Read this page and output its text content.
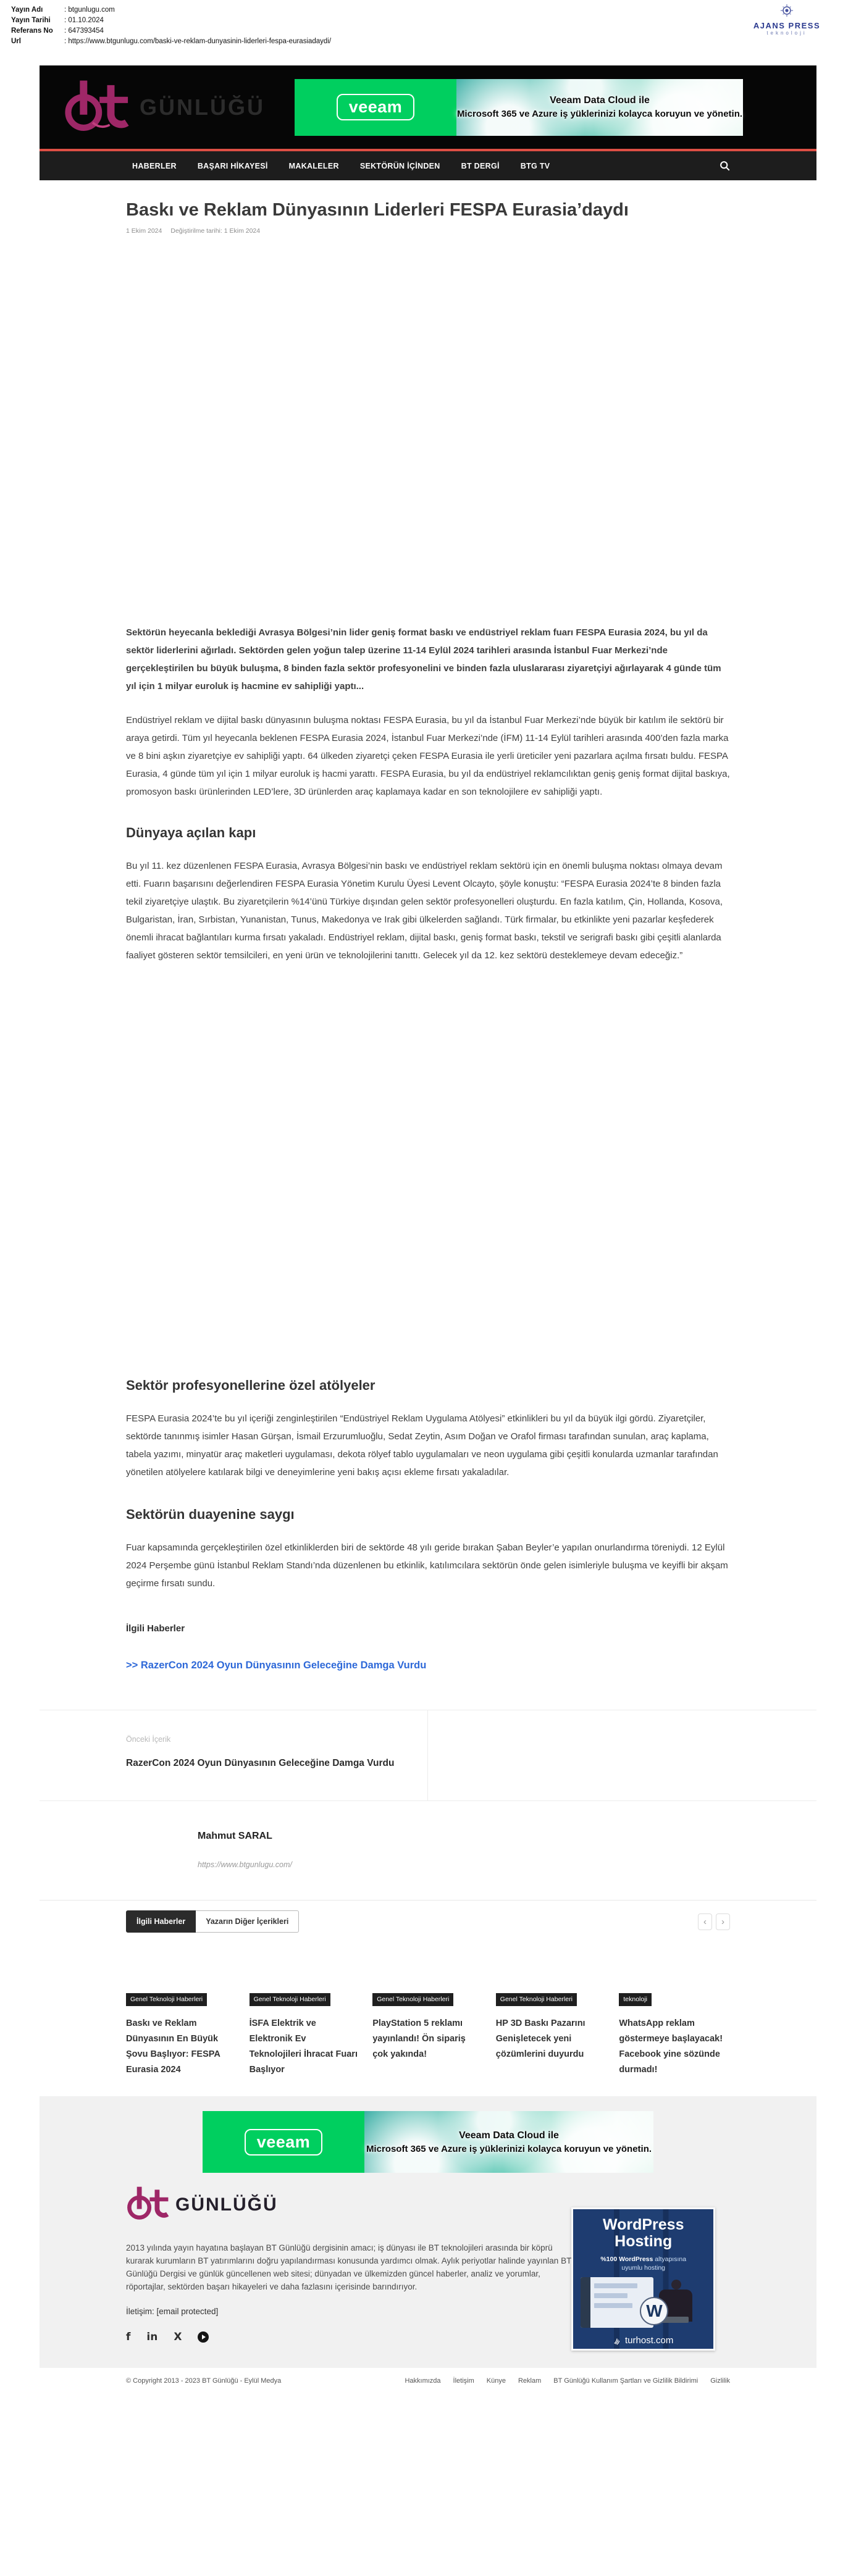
Yayın Adı	: btgunlugu.com
Yayın Tarihi	: 01.10.2024
Referans No	: 647393454
Url	: https://www.btgunlugu.com/baski-ve-reklam-dunyasinin-liderleri-fespa-eurasiadaydi/
AJANS PRESS
teknoloji
GÜNLÜĞÜ	veeam	Veeam Data Cloud ile
Microsoft 365 ve Azure iş yüklerinizi kolayca koruyun ve yönetin.
HABERLER	BAŞARI HİKAYESİ	MAKALELER	SEKTÖRÜN İÇİNDEN	BT DERGİ	BTG TV
Baskı ve Reklam Dünyasının Liderleri FESPA Eurasia’daydı
1 Ekim 2024 Değiştirilme tarihi: 1 Ekim 2024

Sektörün heyecanla beklediği Avrasya Bölgesi’nin lider geniş format baskı ve endüstriyel reklam fuarı FESPA Eurasia 2024, bu yıl da sektör liderlerini ağırladı. Sektörden gelen yoğun talep üzerine 11-14 Eylül 2024 tarihleri arasında İstanbul Fuar Merkezi’nde gerçekleştirilen bu büyük buluşma, 8 binden fazla sektör profesyonelini ve binden fazla uluslararası ziyaretçiyi ağırlayarak 4 günde tüm yıl için 1 milyar euroluk iş hacmine ev sahipliği yaptı...

Endüstriyel reklam ve dijital baskı dünyasının buluşma noktası FESPA Eurasia, bu yıl da İstanbul Fuar Merkezi’nde büyük bir katılım ile sektörü bir araya getirdi. Tüm yıl heyecanla beklenen FESPA Eurasia 2024, İstanbul Fuar Merkezi’nde (İFM) 11-14 Eylül tarihleri arasında 400’den fazla marka ve 8 bini aşkın ziyaretçiye ev sahipliği yaptı. 64 ülkeden ziyaretçi çeken FESPA Eurasia ile yerli üreticiler yeni pazarlara açılma fırsatı buldu. FESPA Eurasia, 4 günde tüm yıl için 1 milyar euroluk iş hacmi yarattı. FESPA Eurasia, bu yıl da endüstriyel reklamcılıktan geniş geniş format dijital baskıya, promosyon baskı ürünlerinden LED’lere, 3D ürünlerden araç kaplamaya kadar en son teknolojilere ev sahipliği yaptı.

Dünyaya açılan kapı

Bu yıl 11. kez düzenlenen FESPA Eurasia, Avrasya Bölgesi’nin baskı ve endüstriyel reklam sektörü için en önemli buluşma noktası olmaya devam etti. Fuarın başarısını değerlendiren FESPA Eurasia Yönetim Kurulu Üyesi Levent Olcayto, şöyle konuştu: “FESPA Eurasia 2024’te 8 binden fazla tekil ziyaretçiye ulaştık. Bu ziyaretçilerin %14’ünü Türkiye dışından gelen sektör profesyonelleri oluşturdu. En fazla katılım, Çin, Hollanda, Kosova, Bulgaristan, İran, Sırbistan, Yunanistan, Tunus, Makedonya ve Irak gibi ülkelerden sağlandı. Türk firmalar, bu etkinlikte yeni pazarlar keşfederek önemli ihracat bağlantıları kurma fırsatı yakaladı. Endüstriyel reklam, dijital baskı, geniş format baskı, tekstil ve serigrafi baskı gibi çeşitli alanlarda faaliyet gösteren sektör temsilcileri, en yeni ürün ve teknolojilerini tanıttı. Gelecek yıl da 12. kez sektörü desteklemeye devam edeceğiz.”

Sektör profesyonellerine özel atölyeler

FESPA Eurasia 2024’te bu yıl içeriği zenginleştirilen “Endüstriyel Reklam Uygulama Atölyesi” etkinlikleri bu yıl da büyük ilgi gördü. Ziyaretçiler, sektörde tanınmış isimler Hasan Gürşan, İsmail Erzurumluoğlu, Sedat Zeytin, Asım Doğan ve Orafol firması tarafından sunulan, araç kaplama, tabela yazımı, minyatür araç maketleri uygulaması, dekota rölyef tablo uygulamaları ve neon uygulama gibi çeşitli konularda uzmanlar tarafından yönetilen atölyelere katılarak bilgi ve deneyimlerine yeni bakış açısı ekleme fırsatı yakaladılar.

Sektörün duayenine saygı

Fuar kapsamında gerçekleştirilen özel etkinliklerden biri de sektörde 48 yılı geride bırakan Şaban Beyler’e yapılan onurlandırma töreniydi. 12 Eylül 2024 Perşembe günü İstanbul Reklam Standı’nda düzenlenen bu etkinlik, katılımcılara sektörün önde gelen isimleriyle buluşma ve keyifli bir akşam geçirme fırsatı sundu.

İlgili Haberler
>> RazerCon 2024 Oyun Dünyasının Geleceğine Damga Vurdu
Önceki İçerik
RazerCon 2024 Oyun Dünyasının Geleceğine Damga Vurdu
Mahmut SARAL
https://www.btgunlugu.com/
İlgili Haberler	Yazarın Diğer İçerikleri	‹	›
Genel Teknoloji Haberleri
Baskı ve Reklam Dünyasının En Büyük Şovu Başlıyor: FESPA Eurasia 2024
Genel Teknoloji Haberleri
İSFA Elektrik ve Elektronik Ev Teknolojileri İhracat Fuarı Başlıyor
Genel Teknoloji Haberleri
PlayStation 5 reklamı yayınlandı! Ön sipariş çok yakında!
Genel Teknoloji Haberleri
HP 3D Baskı Pazarını Genişletecek yeni çözümlerini duyurdu
teknoloji
WhatsApp reklam göstermeye başlayacak! Facebook yine sözünde durmadı!
veeam	Veeam Data Cloud ile
Microsoft 365 ve Azure iş yüklerinizi kolayca koruyun ve yönetin.
GÜNLÜĞÜ

2013 yılında yayın hayatına başlayan BT Günlüğü dergisinin amacı; iş dünyası ile BT teknolojileri arasında bir köprü kurarak kurumların BT yatırımlarını doğru yapılandırması konusunda yardımcı olmak. Aylık periyotlar halinde yayınlan BT Günlüğü Dergisi ve günlük güncellenen web sitesi; dünyadan ve ülkemizden güncel haberler, analiz ve yorumlar, röportajlar, sektörden başarı hikayeleri ve daha fazlasını içerisinde barındırıyor.

İletişim: [email protected]
f in X
WordPress
Hosting
%100 WordPress altyapısına
uyumlu hosting
W
turhost.com
© Copyright 2013 - 2023 BT Günlüğü - Eylül Medya	Hakkımızda İletişim Künye Reklam BT Günlüğü Kullanım Şartları ve Gizlilik Bildirimi Gizlilik
